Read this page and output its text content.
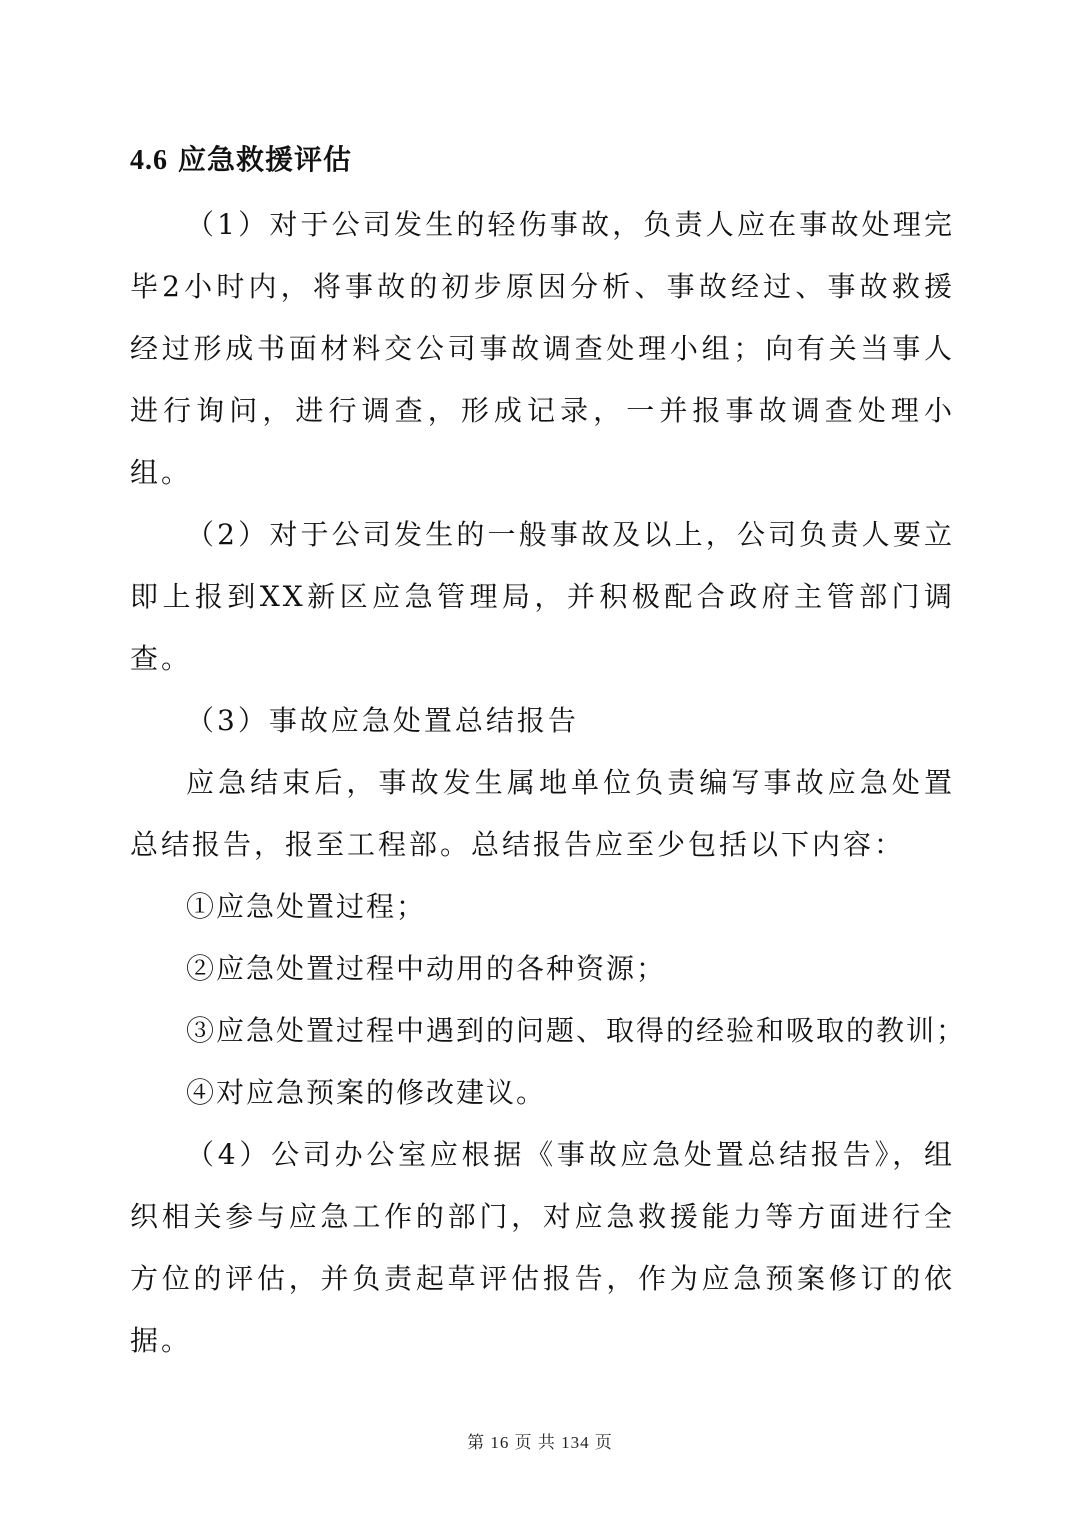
4.6 应急救援评估

（1）对于公司发生的轻伤事故，负责人应在事故处理完毕2小时内，将事故的初步原因分析、事故经过、事故救援经过形成书面材料交公司事故调查处理小组；向有关当事人进行询问，进行调查，形成记录，一并报事故调查处理小组。

（2）对于公司发生的一般事故及以上，公司负责人要立即上报到XX新区应急管理局，并积极配合政府主管部门调查。

（3）事故应急处置总结报告

应急结束后，事故发生属地单位负责编写事故应急处置总结报告，报至工程部。总结报告应至少包括以下内容：

①应急处置过程；

②应急处置过程中动用的各种资源；

③应急处置过程中遇到的问题、取得的经验和吸取的教训；

④对应急预案的修改建议。

（4）公司办公室应根据《事故应急处置总结报告》，组织相关参与应急工作的部门，对应急救援能力等方面进行全方位的评估，并负责起草评估报告，作为应急预案修订的依据。

第 16 页 共 134 页
